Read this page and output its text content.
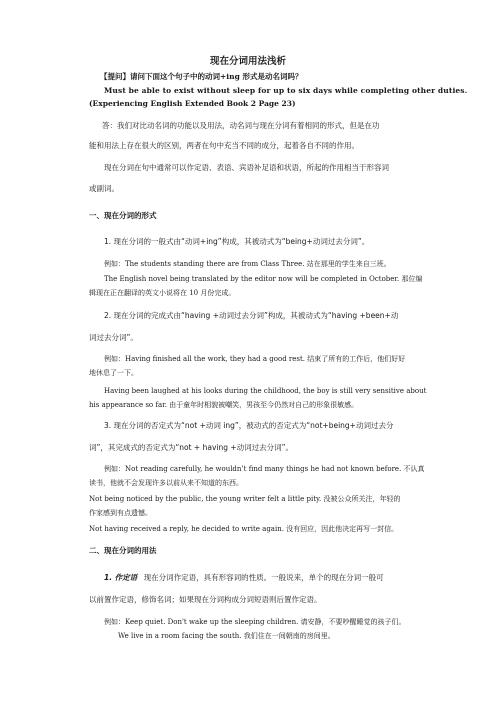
现在分词用法浅析
【提问】请问下面这个句子中的动词+ing 形式是动名词吗？
Must be able to exist without sleep for up to six days while completing other duties.
(Experiencing English Extended Book 2 Page 23)
答：我们对比动名词的功能以及用法，动名词与现在分词有着相同的形式，但是在功
能和用法上存在很大的区别，两者在句中充当不同的成分，起着各自不同的作用。
现在分词在句中通常可以作定语、表语、宾语补足语和状语，所起的作用相当于形容词
或副词。
一、现在分词的形式
1. 现在分词的一般式由“动词+ing”构成，其被动式为“being+动词过去分词”。
例如：The students standing there are from Class Three. 站在那里的学生来自三班。
The English novel being translated by the editor now will be completed in October. 那位编
辑现在正在翻译的英文小说将在 10 月份完成。
2. 现在分词的完成式由“having +动词过去分词”构成，其被动式为“having +been+动
词过去分词”。
例如：Having finished all the work, they had a good rest. 结束了所有的工作后，他们好好
地休息了一下。
Having been laughed at his looks during the childhood, the boy is still very sensitive about
his appearance so far. 由于童年时相貌被嘲笑，男孩至今仍然对自己的形象很敏感。
3. 现在分词的否定式为“not +动词 ing”，被动式的否定式为“not+being+动词过去分
词”，其完成式的否定式为“not + having +动词过去分词”。
例如：Not reading carefully, he wouldn’t find many things he had not known before. 不认真
读书，他就不会发现许多以前从来不知道的东西。
Not being noticed by the public, the young writer felt a little pity. 没被公众所关注，年轻的
作家感到有点遗憾。
Not having received a reply, he decided to write again. 没有回应，因此他决定再写一封信。
二、现在分词的用法
1. 作定语 现在分词作定语，具有形容词的性质。一般说来，单个的现在分词一般可
以前置作定语，修饰名词；如果现在分词构成分词短语则后置作定语。
例如：Keep quiet. Don't wake up the sleeping children. 请安静，不要吵醒睡觉的孩子们。
We live in a room facing the south. 我们住在一间朝南的房间里。
